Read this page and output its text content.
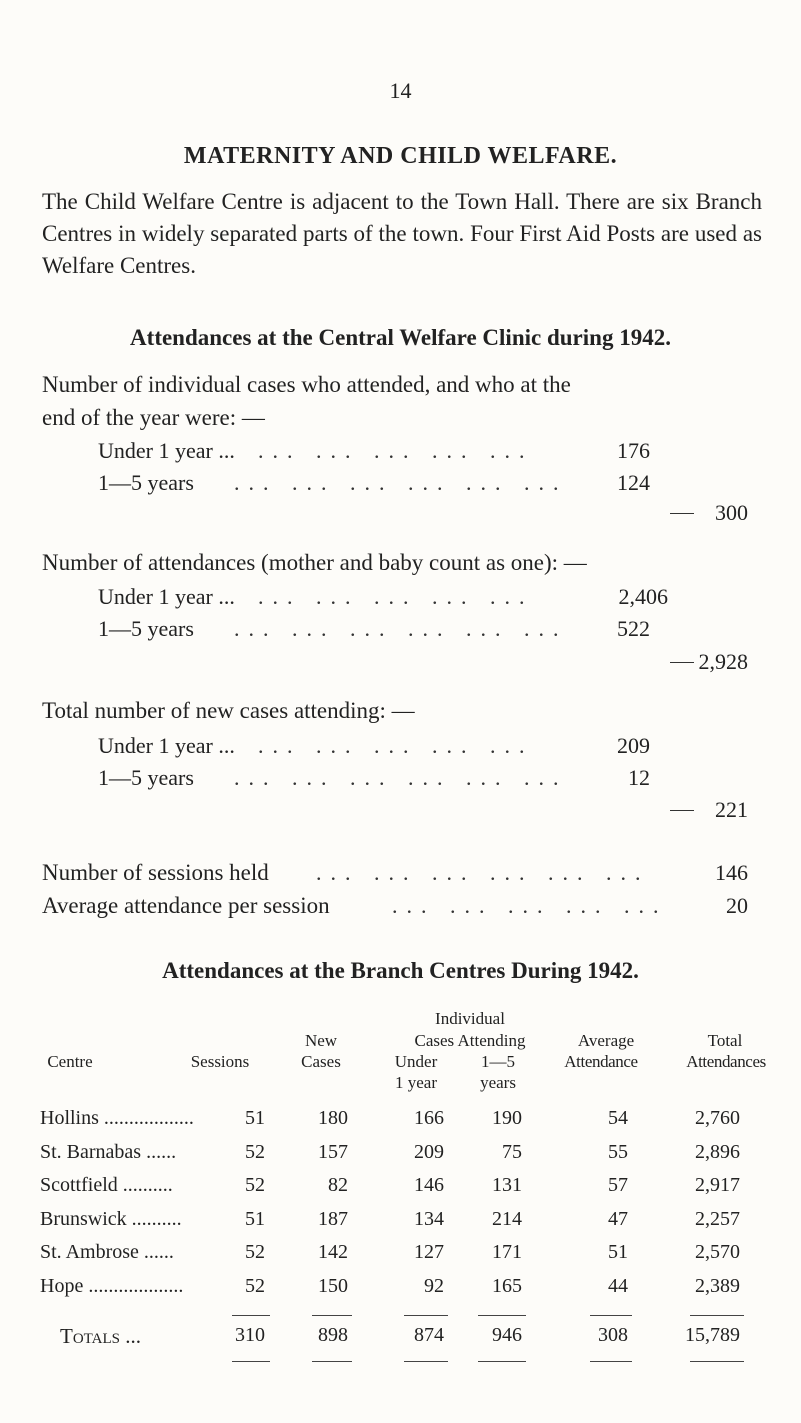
14
MATERNITY AND CHILD WELFARE.
The Child Welfare Centre is adjacent to the Town Hall. There are six Branch Centres in widely separated parts of the town. Four First Aid Posts are used as Welfare Centres.
Attendances at the Central Welfare Clinic during 1942.
Number of individual cases who attended, and who at the
end of the year were: —
Under 1 year ... ... ... ... ... ...	176
1—5 years ... ... ... ... ... ...	124
300
Number of attendances (mother and baby count as one): —
Under 1 year ... ... ... ... ... ...	2,406
1—5 years ... ... ... ... ... ...	522
2,928
Total number of new cases attending: —
Under 1 year ... ... ... ... ... ...	209
1—5 years ... ... ... ... ... ...	12
221
Number of sessions held ... ... ... ... ... ...	146
Average attendance per session	... ... ... ... ...	20
Attendances at the Branch Centres During 1942.
Individual
New	Cases Attending	Average	Total
Centre	Sessions	Cases	Under	1—5	Attendance	Attendances
1 year	years
Hollins ..................	51	180	166	190	54	2,760
St. Barnabas ......	52	157	209	75	55	2,896
Scottfield ..........	52	82	146	131	57	2,917
Brunswick ..........	51	187	134	214	47	2,257
St. Ambrose ......	52	142	127	171	51	2,570
Hope ...................	52	150	92	165	44	2,389
Totals ...	310	898	874	946	308	15,789
